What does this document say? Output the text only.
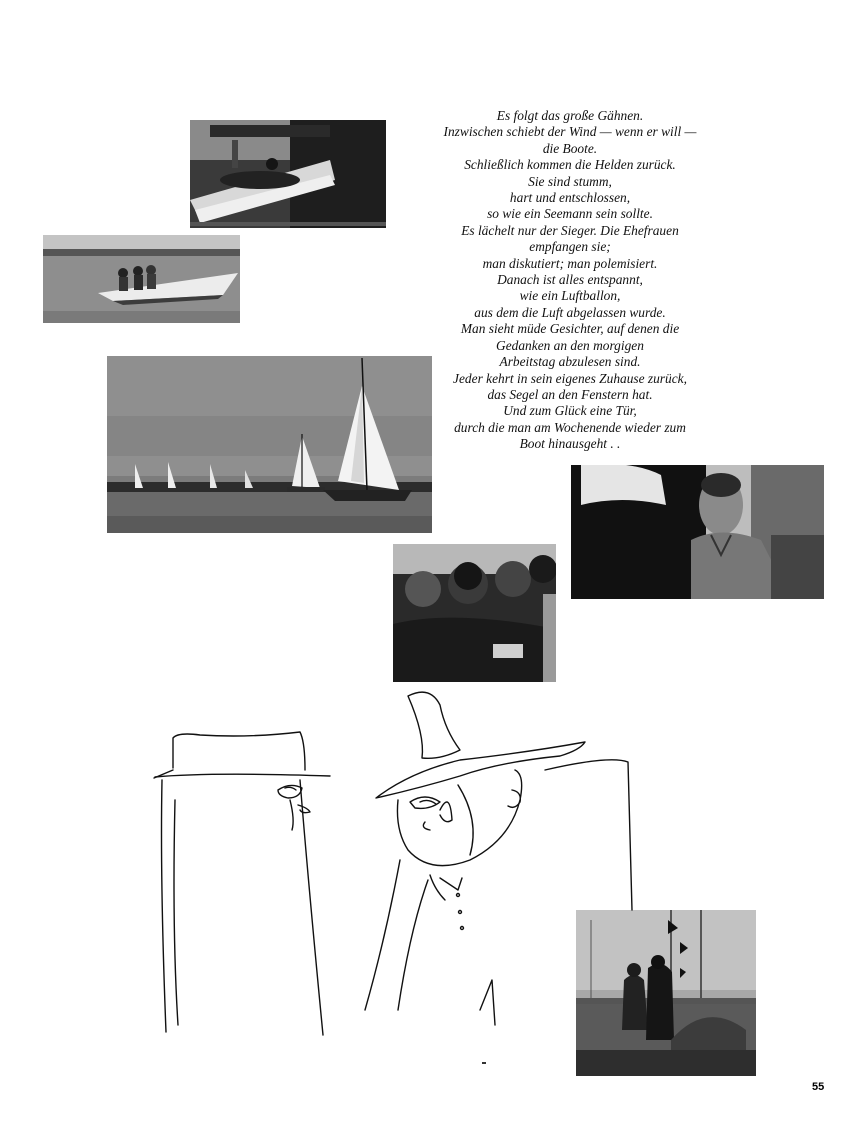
Es folgt das große Gähnen.
Inzwischen schiebt der Wind — wenn er will —
die Boote.
Schließlich kommen die Helden zurück.
Sie sind stumm,
hart und entschlossen,
so wie ein Seemann sein sollte.
Es lächelt nur der Sieger. Die Ehefrauen
empfangen sie;
man diskutiert; man polemisiert.
Danach ist alles entspannt,
wie ein Luftballon,
aus dem die Luft abgelassen wurde.
Man sieht müde Gesichter, auf denen die
Gedanken an den morgigen
Arbeitstag abzulesen sind.
Jeder kehrt in sein eigenes Zuhause zurück,
das Segel an den Fenstern hat.
Und zum Glück eine Tür,
durch die man am Wochenende wieder zum
Boot hinausgeht . .
55
